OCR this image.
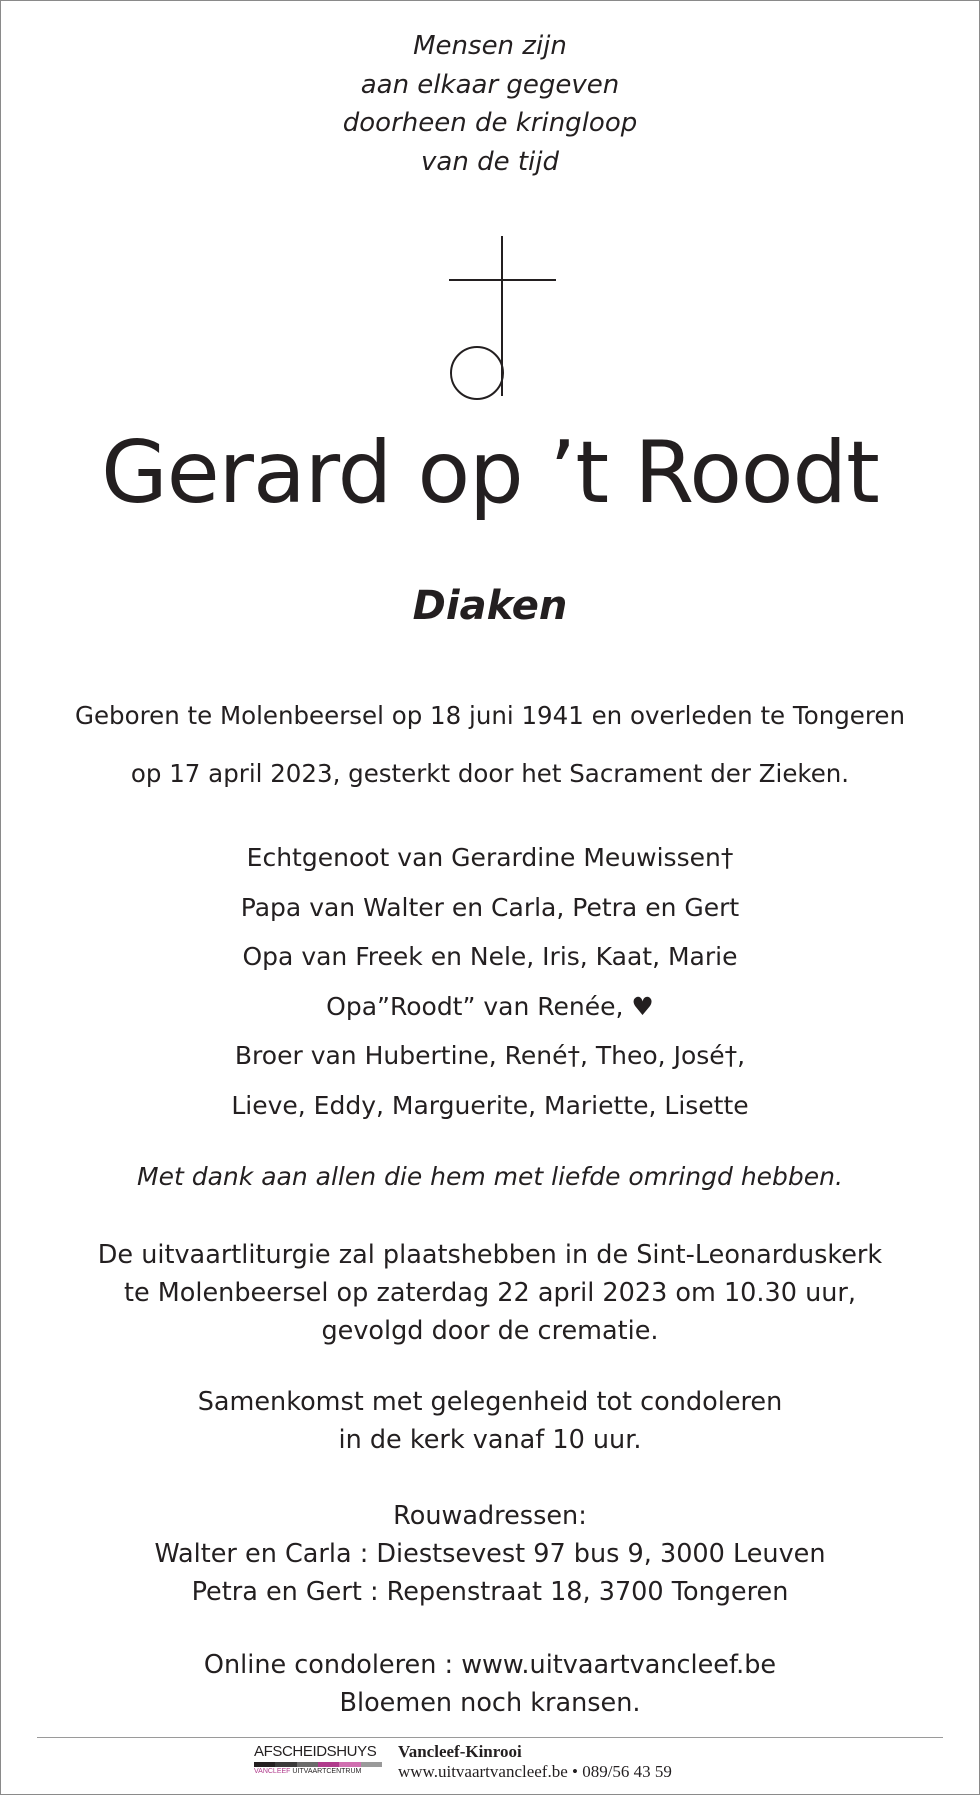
Mensen zijn
aan elkaar gegeven
doorheen de kringloop
van de tijd
Gerard op ’t Roodt
Diaken
Geboren te Molenbeersel op 18 juni 1941 en overleden te Tongeren
op 17 april 2023, gesterkt door het Sacrament der Zieken.
Echtgenoot van Gerardine Meuwissen†
Papa van Walter en Carla, Petra en Gert
Opa van Freek en Nele, Iris, Kaat, Marie
Opa”Roodt” van Renée, ♥
Broer van Hubertine, René†, Theo, José†,
Lieve, Eddy, Marguerite, Mariette, Lisette
Met dank aan allen die hem met liefde omringd hebben.
De uitvaartliturgie zal plaatshebben in de Sint-Leonarduskerk
te Molenbeersel op zaterdag 22 april 2023 om 10.30 uur,
gevolgd door de crematie.
Samenkomst met gelegenheid tot condoleren
in de kerk vanaf 10 uur.
Rouwadressen:
Walter en Carla : Diestsevest 97 bus 9, 3000 Leuven
Petra en Gert : Repenstraat 18, 3700 Tongeren
Online condoleren : www.uitvaartvancleef.be
Bloemen noch kransen.
AFSCHEIDSHUYS
VANCLEEF UITVAARTCENTRUM
Vancleef-Kinrooi
www.uitvaartvancleef.be • 089/56 43 59
